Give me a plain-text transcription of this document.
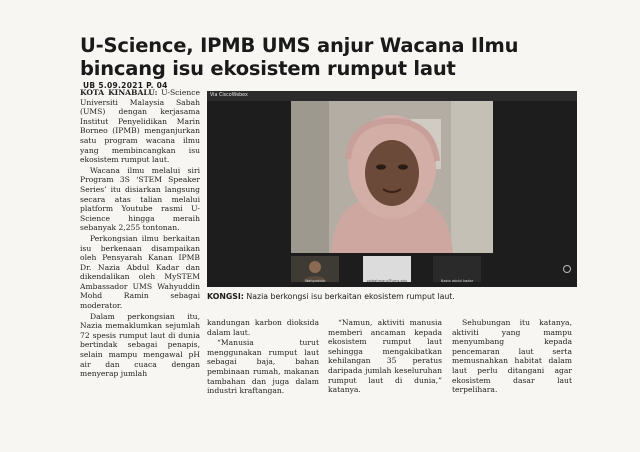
U-Science, IPMB UMS anjur Wacana Ilmu bincang isu ekosistem rumput laut
UB 5.09.2021 P. 04

KOTA KINABALU: U-Science Universiti Malaysia Sabah (UMS) dengan kerjasama Institut Penyelidikan Marin Borneo (IPMB) menganjurkan satu program wacana ilmu yang membincangkan isu ekosistem rumput laut.

Wacana ilmu melalui siri Program 3S ‘STEM Speaker Series’ itu disiarkan langsung secara atas talian melalui platform Youtube rasmi U-Science hingga meraih sebanyak 2,255 tontonan.

Perkongsian ilmu berkaitan isu berkenaan disampaikan oleh Pensyarah Kanan IPMB Dr. Nazia Abdul Kadar dan dikendalikan oleh MySTEM Ambassador UMS Wahyuddin Mohd Ramin sebagai moderator.

Dalam perkongsian itu, Nazia memaklumkan sejumlah 72 spesis rumput laut di dunia bertindak sebagai penapis, selain mampu mengawal pH air dan cuaca dengan menyerap jumlah

Via CiscoWebex
Wahyuddin	zaidahmaru@ums.edu	Nazia abdul kadar
KONGSI: Nazia berkongsi isu berkaitan ekosistem rumput laut.

kandungan karbon dioksida dalam laut.

“Manusia turut menggunakan rumput laut sebagai baja, bahan pembinaan rumah, makanan tambahan dan juga dalam industri kraftangan.

“Namun, aktiviti manusia memberi ancaman kepada ekosistem rumput laut sehingga mengakibatkan kehilangan 35 peratus daripada jumlah keseluruhan rumput laut di dunia,” katanya.

Sehubungan itu katanya, aktiviti yang mampu menyumbang kepada pencemaran laut serta memusnahkan habitat dalam laut perlu ditangani agar ekosistem dasar laut terpelihara.
